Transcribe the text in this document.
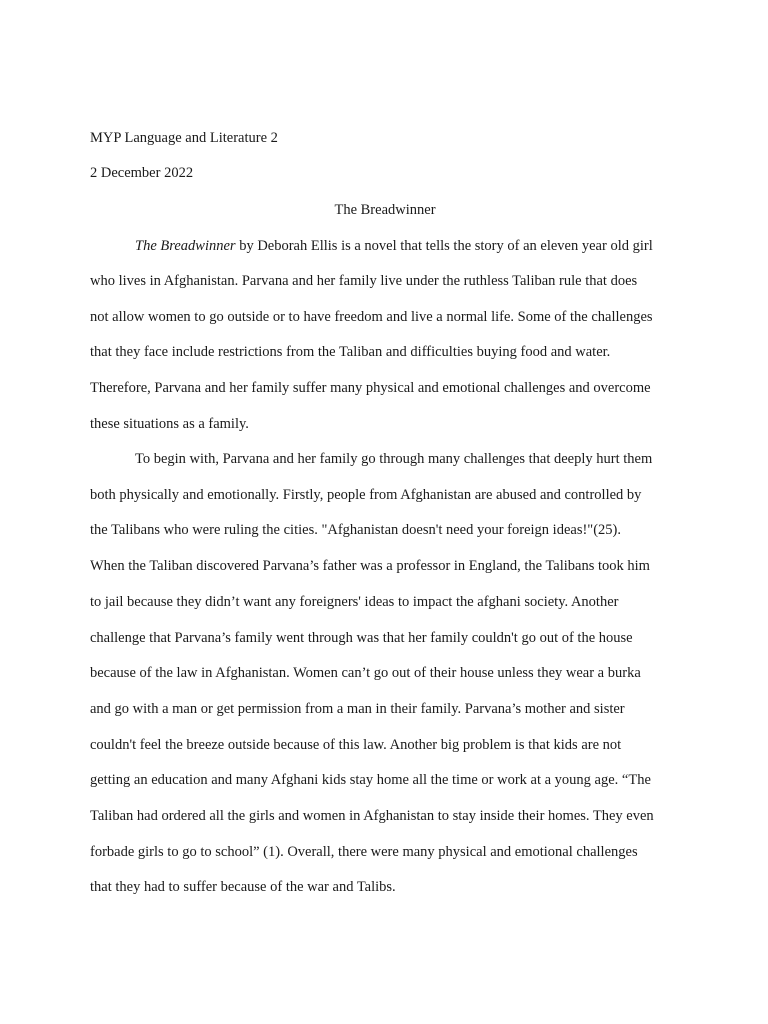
MYP Language and Literature 2
2 December 2022
The Breadwinner
The Breadwinner by Deborah Ellis is a novel that tells the story of an eleven year old girl
who lives in Afghanistan. Parvana and her family live under the ruthless Taliban rule that does
not allow women to go outside or to have freedom and live a normal life. Some of the challenges
that they face include restrictions from the Taliban and difficulties buying food and water.
Therefore, Parvana and her family suffer many physical and emotional challenges and overcome
these situations as a family.
To begin with, Parvana and her family go through many challenges that deeply hurt them
both physically and emotionally. Firstly, people from Afghanistan are abused and controlled by
the Talibans who were ruling the cities. "Afghanistan doesn't need your foreign ideas!"(25).
When the Taliban discovered Parvana’s father was a professor in England, the Talibans took him
to jail because they didn’t want any foreigners' ideas to impact the afghani society. Another
challenge that Parvana’s family went through was that her family couldn't go out of the house
because of the law in Afghanistan. Women can’t go out of their house unless they wear a burka
and go with a man or get permission from a man in their family. Parvana’s mother and sister
couldn't feel the breeze outside because of this law. Another big problem is that kids are not
getting an education and many Afghani kids stay home all the time or work at a young age. “The
Taliban had ordered all the girls and women in Afghanistan to stay inside their homes. They even
forbade girls to go to school” (1). Overall, there were many physical and emotional challenges
that they had to suffer because of the war and Talibs.
